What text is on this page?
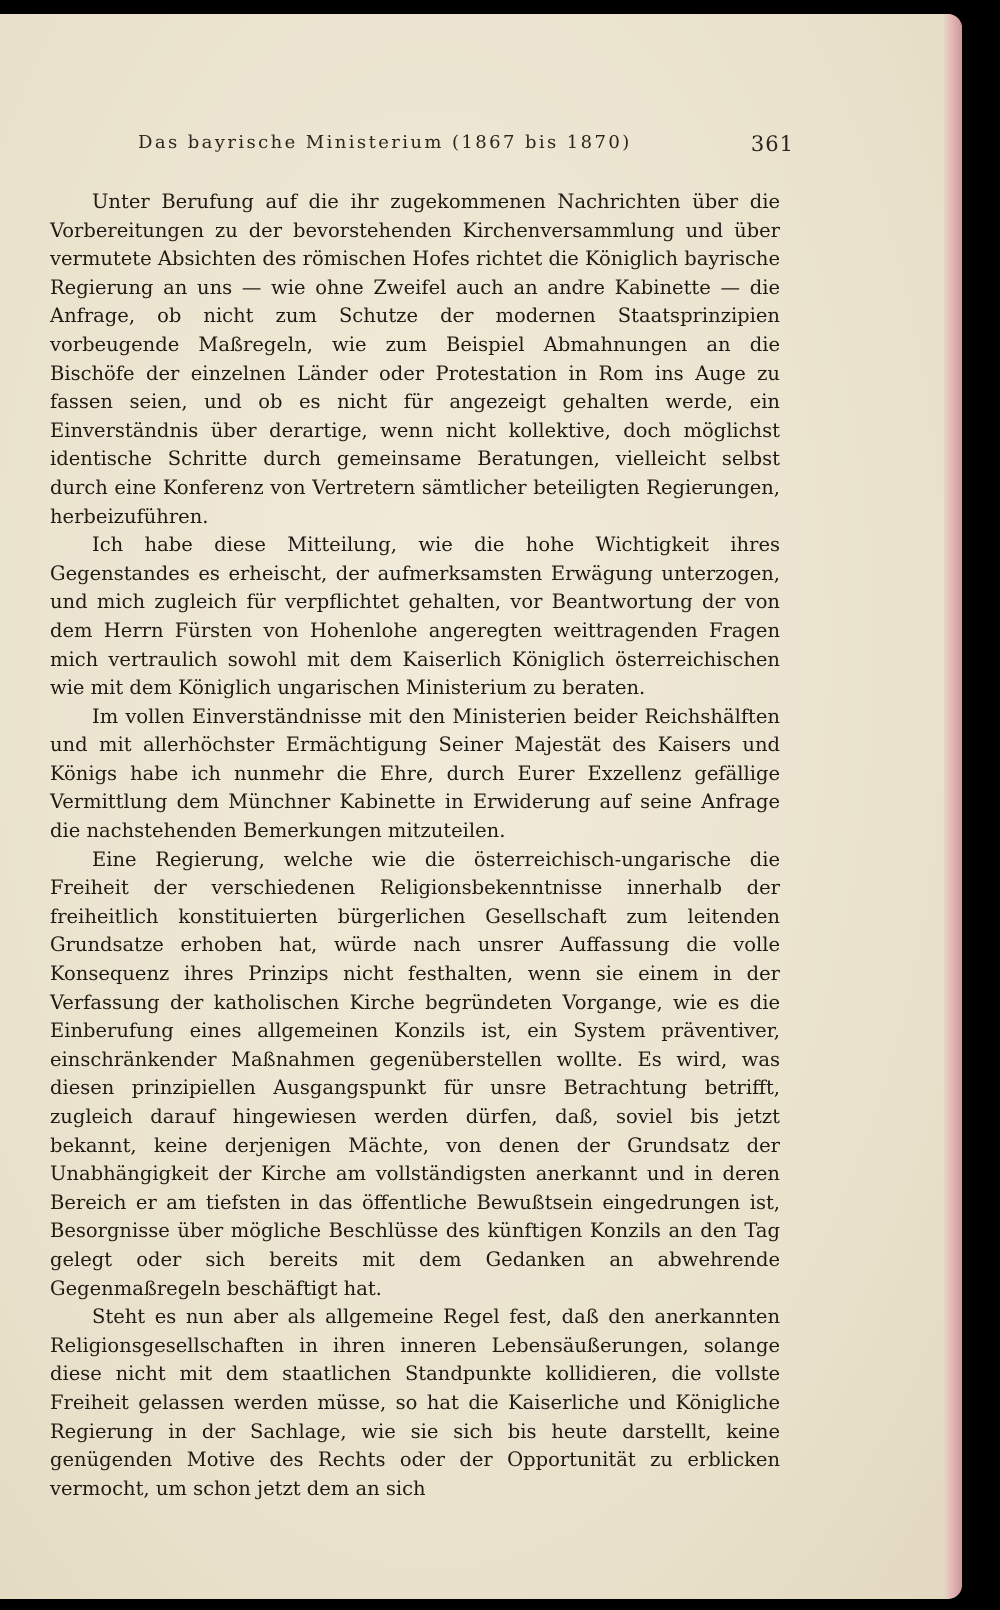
Das bayrische Ministerium (1867 bis 1870)	361

Unter Berufung auf die ihr zugekommenen Nachrichten über die Vorbereitungen zu der bevorstehenden Kirchenversammlung und über vermutete Absichten des römischen Hofes richtet die Königlich bayrische Regierung an uns — wie ohne Zweifel auch an andre Kabinette — die Anfrage, ob nicht zum Schutze der modernen Staatsprinzipien vorbeugende Maßregeln, wie zum Beispiel Abmahnungen an die Bischöfe der einzelnen Länder oder Protestation in Rom ins Auge zu fassen seien, und ob es nicht für angezeigt gehalten werde, ein Einverständnis über derartige, wenn nicht kollektive, doch möglichst identische Schritte durch gemeinsame Beratungen, vielleicht selbst durch eine Konferenz von Vertretern sämtlicher beteiligten Regierungen, herbeizuführen.

Ich habe diese Mitteilung, wie die hohe Wichtigkeit ihres Gegenstandes es erheischt, der aufmerksamsten Erwägung unterzogen, und mich zugleich für verpflichtet gehalten, vor Beantwortung der von dem Herrn Fürsten von Hohenlohe angeregten weittragenden Fragen mich vertraulich sowohl mit dem Kaiserlich Königlich österreichischen wie mit dem Königlich ungarischen Ministerium zu beraten.

Im vollen Einverständnisse mit den Ministerien beider Reichshälften und mit allerhöchster Ermächtigung Seiner Majestät des Kaisers und Königs habe ich nunmehr die Ehre, durch Eurer Exzellenz gefällige Vermittlung dem Münchner Kabinette in Erwiderung auf seine Anfrage die nachstehenden Bemerkungen mitzuteilen.

Eine Regierung, welche wie die österreichisch-ungarische die Freiheit der verschiedenen Religionsbekenntnisse innerhalb der freiheitlich konstituierten bürgerlichen Gesellschaft zum leitenden Grundsatze erhoben hat, würde nach unsrer Auffassung die volle Konsequenz ihres Prinzips nicht festhalten, wenn sie einem in der Verfassung der katholischen Kirche begründeten Vorgange, wie es die Einberufung eines allgemeinen Konzils ist, ein System präventiver, einschränkender Maßnahmen gegenüberstellen wollte. Es wird, was diesen prinzipiellen Ausgangspunkt für unsre Betrachtung betrifft, zugleich darauf hingewiesen werden dürfen, daß, soviel bis jetzt bekannt, keine derjenigen Mächte, von denen der Grundsatz der Unabhängigkeit der Kirche am vollständigsten anerkannt und in deren Bereich er am tiefsten in das öffentliche Bewußtsein eingedrungen ist, Besorgnisse über mögliche Beschlüsse des künftigen Konzils an den Tag gelegt oder sich bereits mit dem Gedanken an abwehrende Gegenmaßregeln beschäftigt hat.

Steht es nun aber als allgemeine Regel fest, daß den anerkannten Religionsgesellschaften in ihren inneren Lebensäußerungen, solange diese nicht mit dem staatlichen Standpunkte kollidieren, die vollste Freiheit gelassen werden müsse, so hat die Kaiserliche und Königliche Regierung in der Sachlage, wie sie sich bis heute darstellt, keine genügenden Motive des Rechts oder der Opportunität zu erblicken vermocht, um schon jetzt dem an sich
